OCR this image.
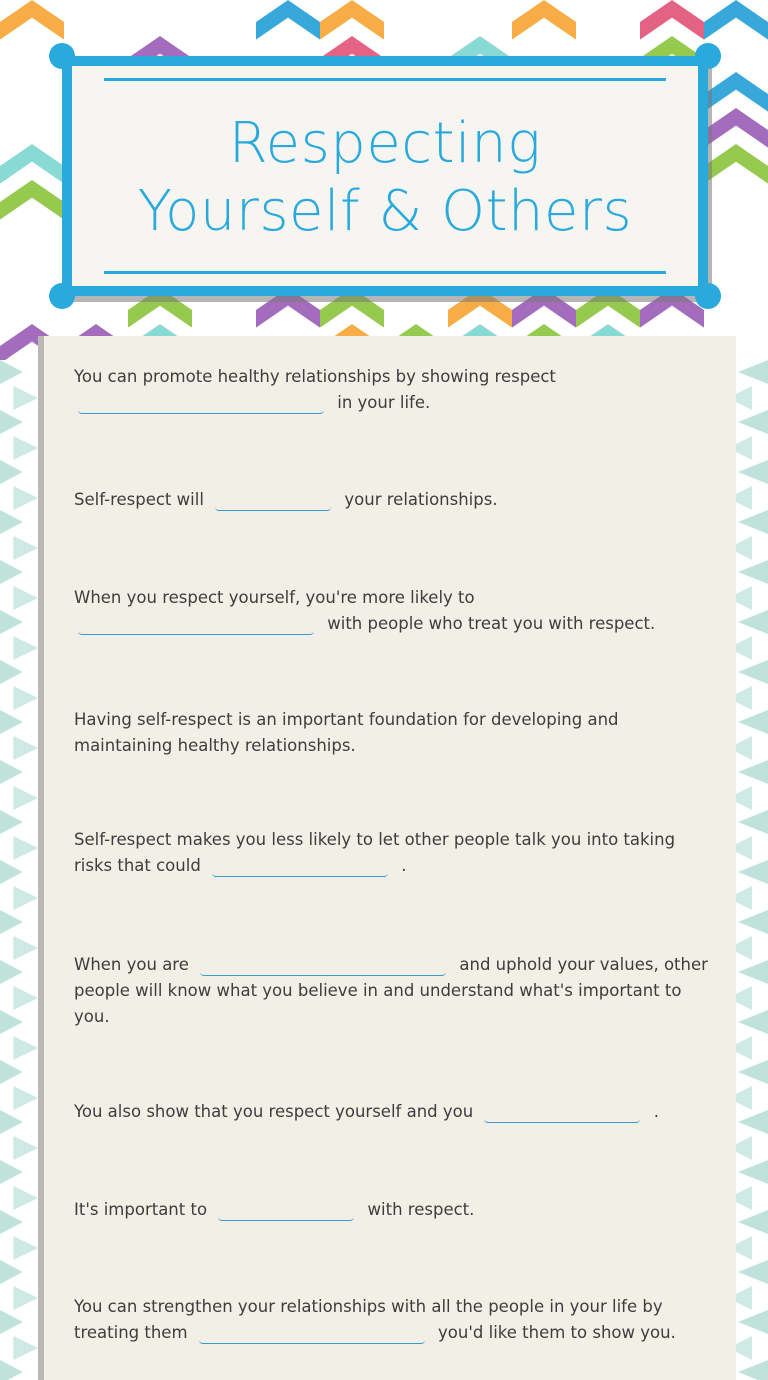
Respecting
Yourself & Others
You can promote healthy relationships by showing respect
in your life.
Self-respect will	your relationships.
When you respect yourself, you're more likely to
with people who treat you with respect.
Having self-respect is an important foundation for developing and maintaining healthy relationships.
Self-respect makes you less likely to let other people talk you into taking risks that could	.
When you are	and uphold your values, other people will know what you believe in and understand what's important to you.
You also show that you respect yourself and you	.
It's important to	with respect.
You can strengthen your relationships with all the people in your life by treating them	you'd like them to show you.
